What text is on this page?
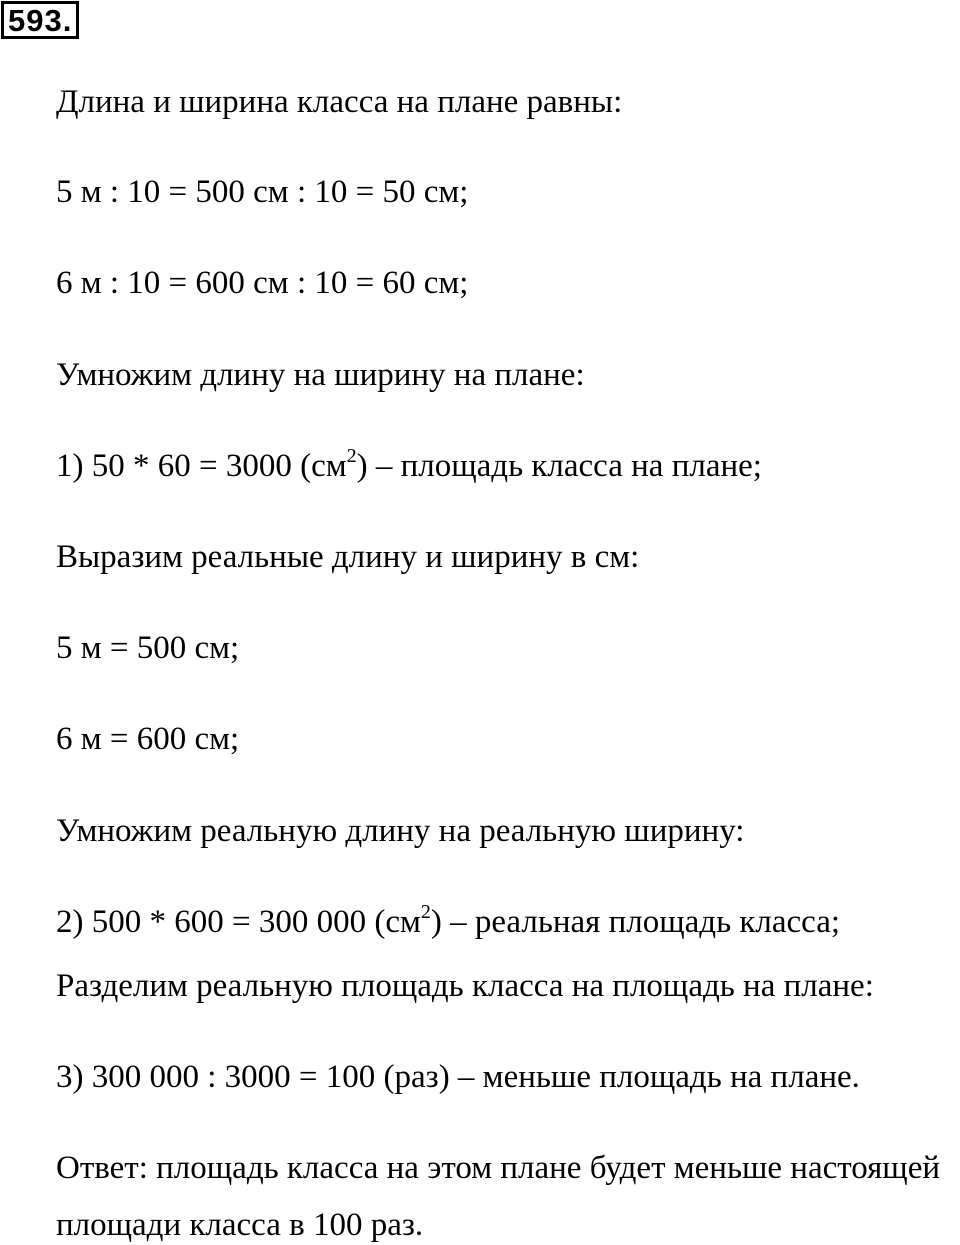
593.
Длина и ширина класса на плане равны:
5 м : 10 = 500 см : 10 = 50 см;
6 м : 10 = 600 см : 10 = 60 см;
Умножим длину на ширину на плане:
1) 50 * 60 = 3000 $(см^2)$ – площадь класса на плане;
Выразим реальные длину и ширину в см:
5 м = 500 см;
6 м = 600 см;
Умножим реальную длину на реальную ширину:
2) 500 * 600 = 300 000 $(см^2)$ – реальная площадь класса;
Разделим реальную площадь класса на площадь на плане:
3) 300 000 : 3000 = 100 (раз) – меньше площадь на плане.
Ответ: площадь класса на этом плане будет меньше настоящей
площади класса в 100 раз.
